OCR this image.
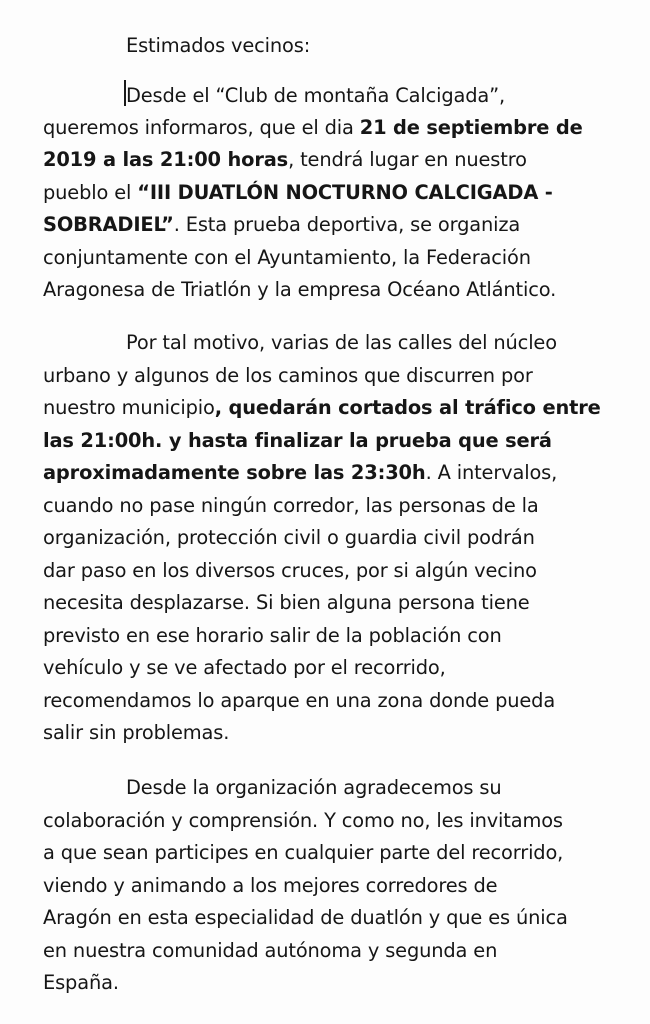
Estimados vecinos:
Desde el “Club de montaña Calcigada”,
queremos informaros, que el dia 21 de septiembre de
2019 a las 21:00 horas, tendrá lugar en nuestro
pueblo el “III DUATLÓN NOCTURNO CALCIGADA -
SOBRADIEL”. Esta prueba deportiva, se organiza
conjuntamente con el Ayuntamiento, la Federación
Aragonesa de Triatlón y la empresa Océano Atlántico.
Por tal motivo, varias de las calles del núcleo
urbano y algunos de los caminos que discurren por
nuestro municipio, quedarán cortados al tráfico entre
las 21:00h. y hasta finalizar la prueba que será
aproximadamente sobre las 23:30h. A intervalos,
cuando no pase ningún corredor, las personas de la
organización, protección civil o guardia civil podrán
dar paso en los diversos cruces, por si algún vecino
necesita desplazarse. Si bien alguna persona tiene
previsto en ese horario salir de la población con
vehículo y se ve afectado por el recorrido,
recomendamos lo aparque en una zona donde pueda
salir sin problemas.
Desde la organización agradecemos su
colaboración y comprensión. Y como no, les invitamos
a que sean participes en cualquier parte del recorrido,
viendo y animando a los mejores corredores de
Aragón en esta especialidad de duatlón y que es única
en nuestra comunidad autónoma y segunda en
España.
